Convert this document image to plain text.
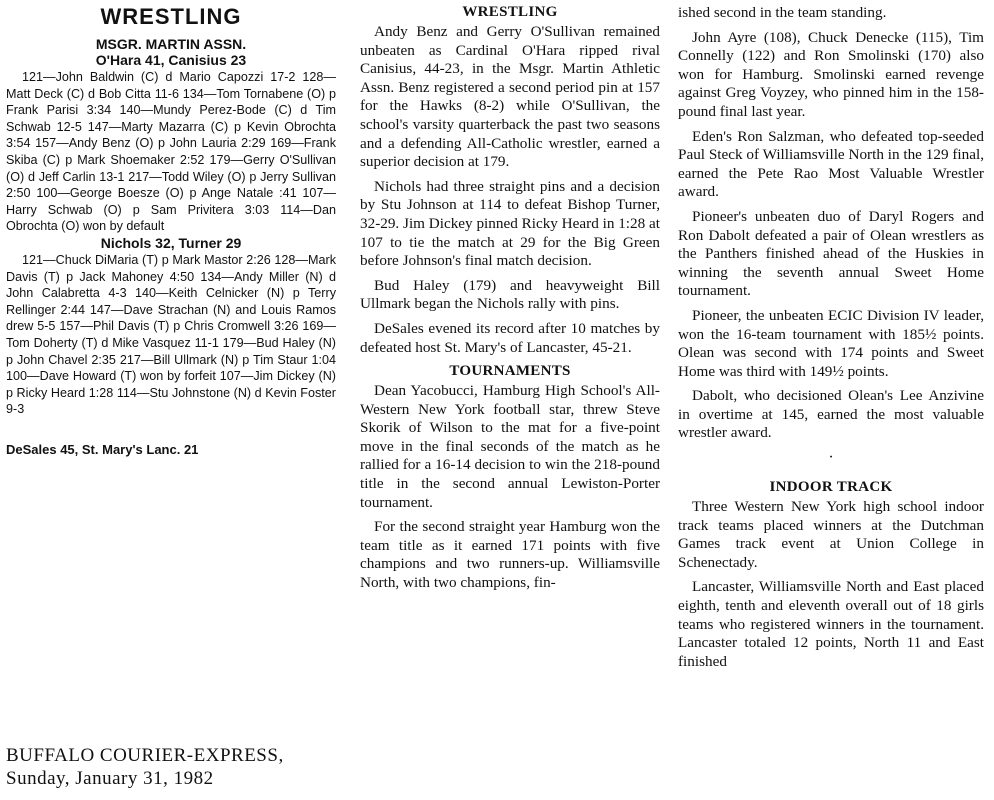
WRESTLING
MSGR. MARTIN ASSN.
O'Hara 41, Canisius 23

121—John Baldwin (C) d Mario Capozzi 17-2 128—Matt Deck (C) d Bob Citta 11-6 134—Tom Tornabene (O) p Frank Parisi 3:34 140—Mundy Perez-Bode (C) d Tim Schwab 12-5 147—Marty Mazarra (C) p Kevin Obrochta 3:54 157—Andy Benz (O) p John Lauria 2:29 169—Frank Skiba (C) p Mark Shoemaker 2:52 179—Gerry O'Sullivan (O) d Jeff Carlin 13-1 217—Todd Wiley (O) p Jerry Sullivan 2:50 100—George Boesze (O) p Ange Natale :41 107—Harry Schwab (O) p Sam Privitera 3:03 114—Dan Obrochta (O) won by default

Nichols 32, Turner 29

121—Chuck DiMaria (T) p Mark Mastor 2:26 128—Mark Davis (T) p Jack Mahoney 4:50 134—Andy Miller (N) d John Calabretta 4-3 140—Keith Celnicker (N) p Terry Rellinger 2:44 147—Dave Strachan (N) and Louis Ramos drew 5-5 157—Phil Davis (T) p Chris Cromwell 3:26 169—Tom Doherty (T) d Mike Vasquez 11-1 179—Bud Haley (N) p John Chavel 2:35 217—Bill Ullmark (N) p Tim Staur 1:04 100—Dave Howard (T) won by forfeit 107—Jim Dickey (N) p Ricky Heard 1:28 114—Stu Johnstone (N) d Kevin Foster 9-3

DeSales 45, St. Mary's Lanc. 21

BUFFALO COURIER-EXPRESS,
Sunday, January 31, 1982
WRESTLING

Andy Benz and Gerry O'Sullivan remained unbeaten as Cardinal O'Hara ripped rival Canisius, 44-23, in the Msgr. Martin Athletic Assn. Benz registered a second period pin at 157 for the Hawks (8-2) while O'Sullivan, the school's varsity quarterback the past two seasons and a defending All-Catholic wrestler, earned a superior decision at 179.

Nichols had three straight pins and a decision by Stu Johnson at 114 to defeat Bishop Turner, 32-29. Jim Dickey pinned Ricky Heard in 1:28 at 107 to tie the match at 29 for the Big Green before Johnson's final match decision.

Bud Haley (179) and heavyweight Bill Ullmark began the Nichols rally with pins.

DeSales evened its record after 10 matches by defeated host St. Mary's of Lancaster, 45-21.

TOURNAMENTS

Dean Yacobucci, Hamburg High School's All-Western New York football star, threw Steve Skorik of Wilson to the mat for a five-point move in the final seconds of the match as he rallied for a 16-14 decision to win the 218-pound title in the second annual Lewiston-Porter tournament.

For the second straight year Hamburg won the team title as it earned 171 points with five champions and two runners-up. Williamsville North, with two champions, fin-

ished second in the team standing.

John Ayre (108), Chuck Denecke (115), Tim Connelly (122) and Ron Smolinski (170) also won for Hamburg. Smolinski earned revenge against Greg Voyzey, who pinned him in the 158-pound final last year.

Eden's Ron Salzman, who defeated top-seeded Paul Steck of Williamsville North in the 129 final, earned the Pete Rao Most Valuable Wrestler award.

Pioneer's unbeaten duo of Daryl Rogers and Ron Dabolt defeated a pair of Olean wrestlers as the Panthers finished ahead of the Huskies in winning the seventh annual Sweet Home tournament.

Pioneer, the unbeaten ECIC Division IV leader, won the 16-team tournament with 185½ points. Olean was second with 174 points and Sweet Home was third with 149½ points.

Dabolt, who decisioned Olean's Lee Anzivine in overtime at 145, earned the most valuable wrestler award.

·
INDOOR TRACK

Three Western New York high school indoor track teams placed winners at the Dutchman Games track event at Union College in Schenectady.

Lancaster, Williamsville North and East placed eighth, tenth and eleventh overall out of 18 girls teams who registered winners in the tournament. Lancaster totaled 12 points, North 11 and East finished
